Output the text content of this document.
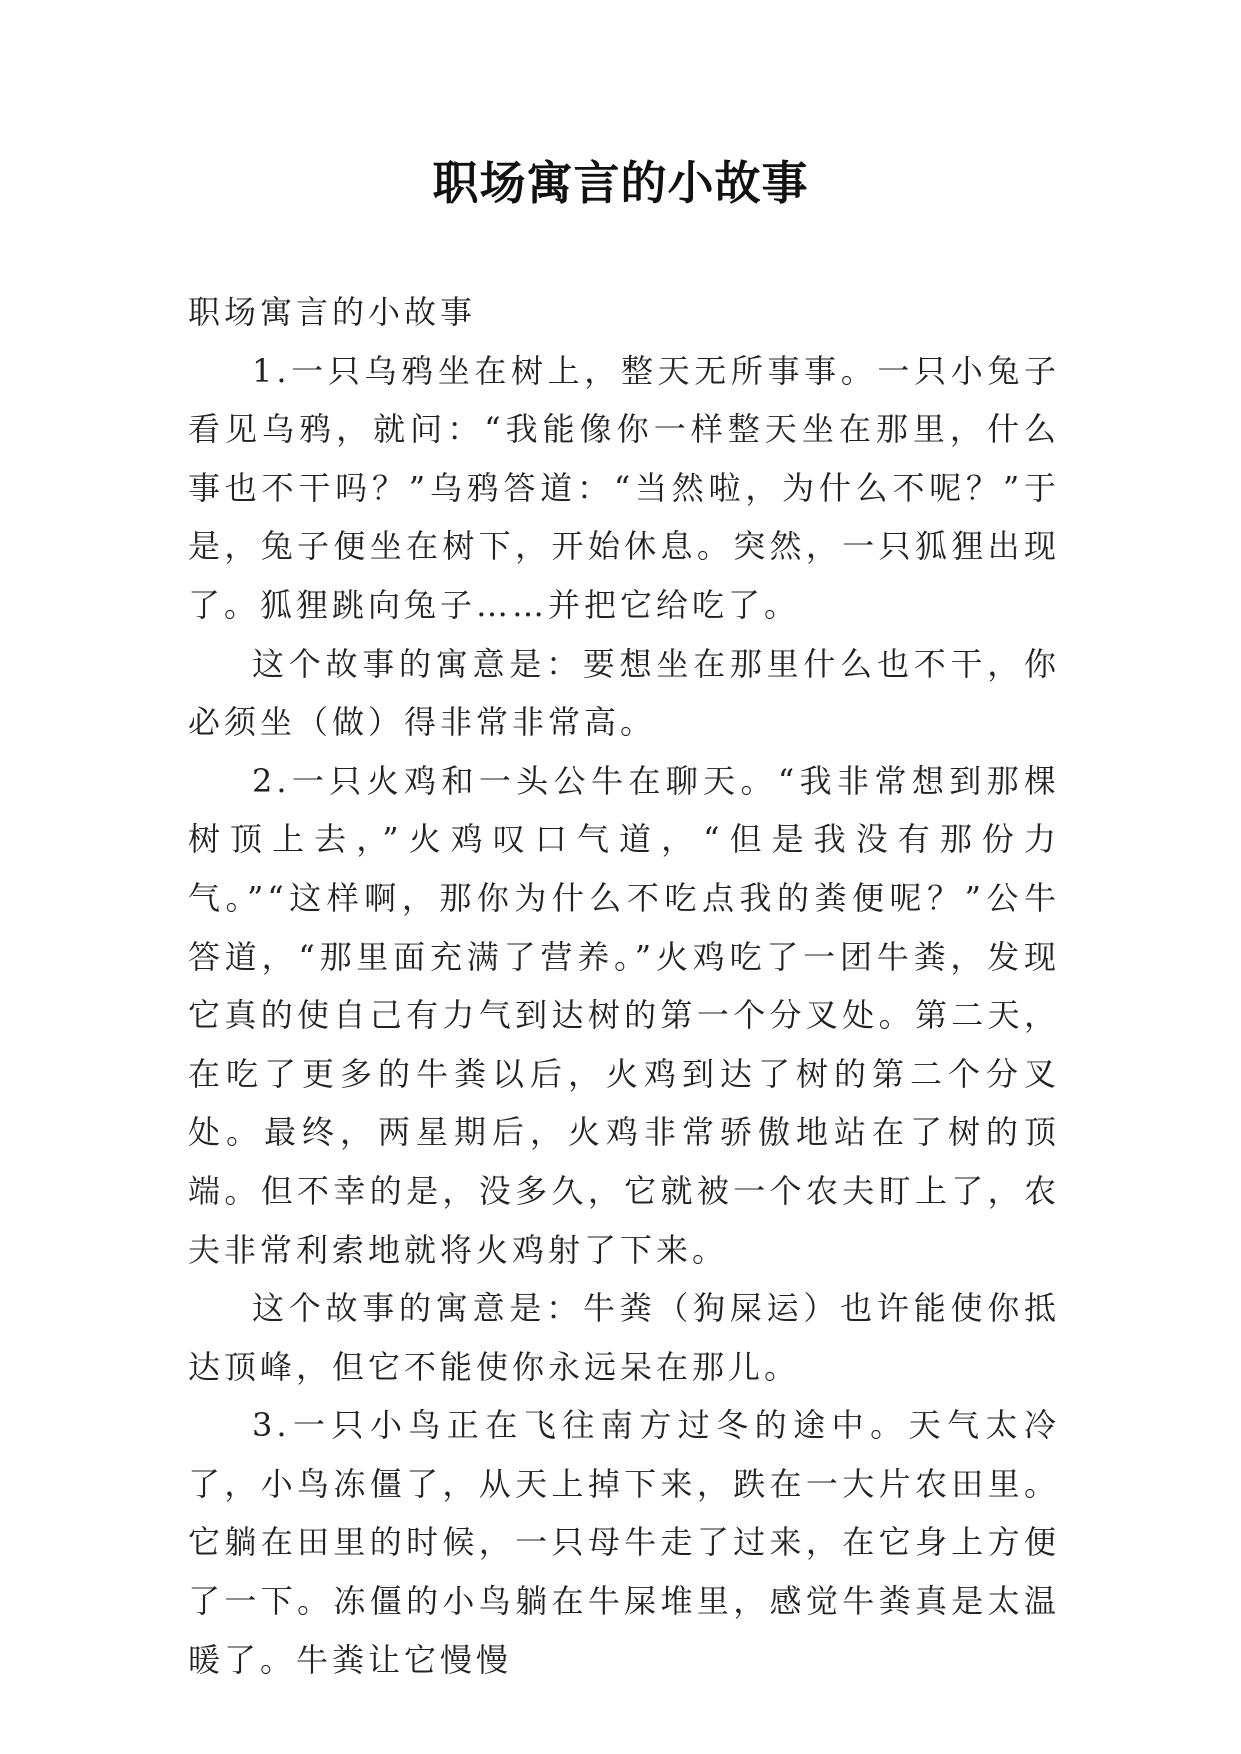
职场寓言的小故事

职场寓言的小故事

1.一只乌鸦坐在树上，整天无所事事。一只小兔子看见乌鸦，就问：“我能像你一样整天坐在那里，什么事也不干吗？”乌鸦答道：“当然啦，为什么不呢？”于是，兔子便坐在树下，开始休息。突然，一只狐狸出现了。狐狸跳向兔子……并把它给吃了。

这个故事的寓意是：要想坐在那里什么也不干，你必须坐（做）得非常非常高。

2.一只火鸡和一头公牛在聊天。“我非常想到那棵树顶上去，”火鸡叹口气道，“但是我没有那份力气。”“这样啊，那你为什么不吃点我的粪便呢？”公牛答道，“那里面充满了营养。”火鸡吃了一团牛粪，发现它真的使自己有力气到达树的第一个分叉处。第二天，在吃了更多的牛粪以后，火鸡到达了树的第二个分叉处。最终，两星期后，火鸡非常骄傲地站在了树的顶端。但不幸的是，没多久，它就被一个农夫盯上了，农夫非常利索地就将火鸡射了下来。

这个故事的寓意是：牛粪（狗屎运）也许能使你抵达顶峰，但它不能使你永远呆在那儿。

3.一只小鸟正在飞往南方过冬的途中。天气太冷了，小鸟冻僵了，从天上掉下来，跌在一大片农田里。它躺在田里的时候，一只母牛走了过来，在它身上方便了一下。冻僵的小鸟躺在牛屎堆里，感觉牛粪真是太温暖了。牛粪让它慢慢
